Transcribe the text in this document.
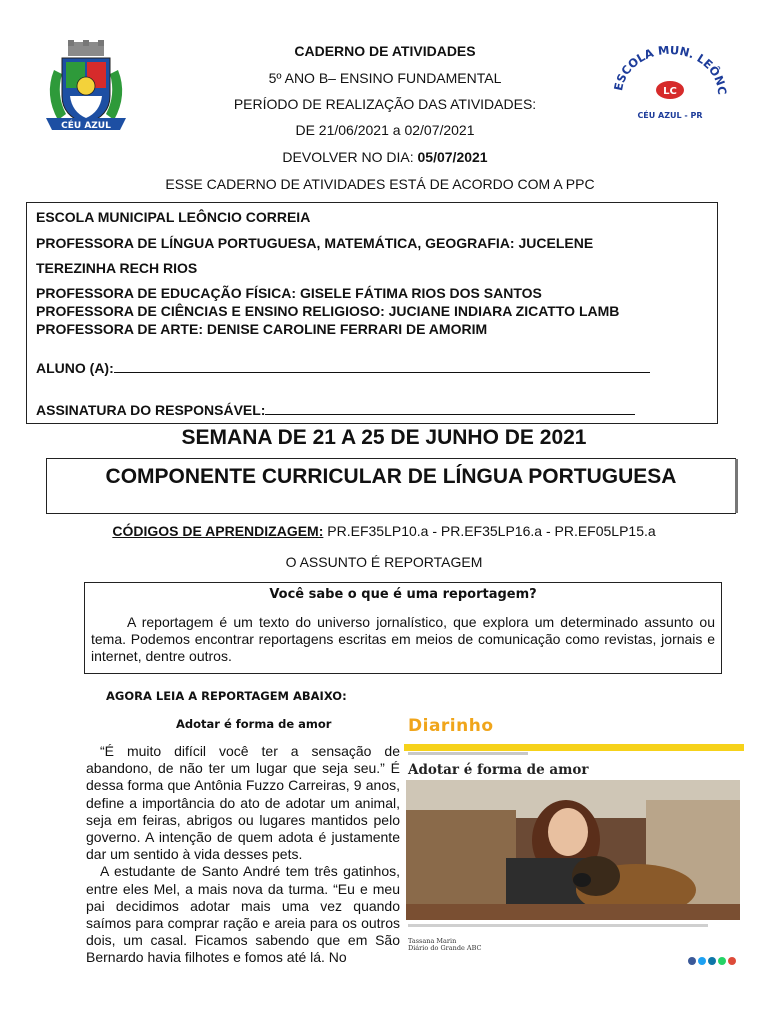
CÉU AZUL
CADERNO DE ATIVIDADES
5º ANO B– ENSINO FUNDAMENTAL
PERÍODO DE REALIZAÇÃO DAS ATIVIDADES:
DE 21/06/2021 a 02/07/2021
DEVOLVER NO DIA: 05/07/2021
ESSE CADERNO DE ATIVIDADES ESTÁ DE ACORDO COM A PPC
ESCOLA MUN. LEÔNC
LC
CÉU AZUL - PR
ESCOLA MUNICIPAL LEÔNCIO CORREIA
PROFESSORA DE LÍNGUA PORTUGUESA, MATEMÁTICA, GEOGRAFIA: JUCELENE
TEREZINHA RECH RIOS
PROFESSORA DE EDUCAÇÃO FÍSICA: GISELE FÁTIMA RIOS DOS SANTOS
PROFESSORA DE CIÊNCIAS E ENSINO RELIGIOSO: JUCIANE INDIARA ZICATTO LAMB
PROFESSORA DE ARTE: DENISE CAROLINE FERRARI DE AMORIM
ALUNO (A):
ASSINATURA DO RESPONSÁVEL:
SEMANA DE 21 A 25 DE JUNHO DE 2021
COMPONENTE CURRICULAR DE LÍNGUA PORTUGUESA
CÓDIGOS DE APRENDIZAGEM: PR.EF35LP10.a - PR.EF35LP16.a - PR.EF05LP15.a
O ASSUNTO É REPORTAGEM
Você sabe o que é uma reportagem?
A reportagem é um texto do universo jornalístico, que explora um determinado assunto ou tema. Podemos encontrar reportagens escritas em meios de comunicação como revistas, jornais e internet, dentre outros.
AGORA LEIA A REPORTAGEM ABAIXO:
Adotar é forma de amor

“É muito difícil você ter a sensação de abandono, de não ter um lugar que seja seu.” É dessa forma que Antônia Fuzzo Carreiras, 9 anos, define a importância do ato de adotar um animal, seja em feiras, abrigos ou lugares mantidos pelo governo. A intenção de quem adota é justamente dar um sentido à vida desses pets.

A estudante de Santo André tem três gatinhos, entre eles Mel, a mais nova da turma. “Eu e meu pai decidimos adotar mais uma vez quando saímos para comprar ração e areia para os outros dois, um casal. Ficamos sabendo que em São Bernardo havia filhotes e fomos até lá. No

Diarinho
Adotar é forma de amor
Tassana Marin
Diário do Grande ABC
